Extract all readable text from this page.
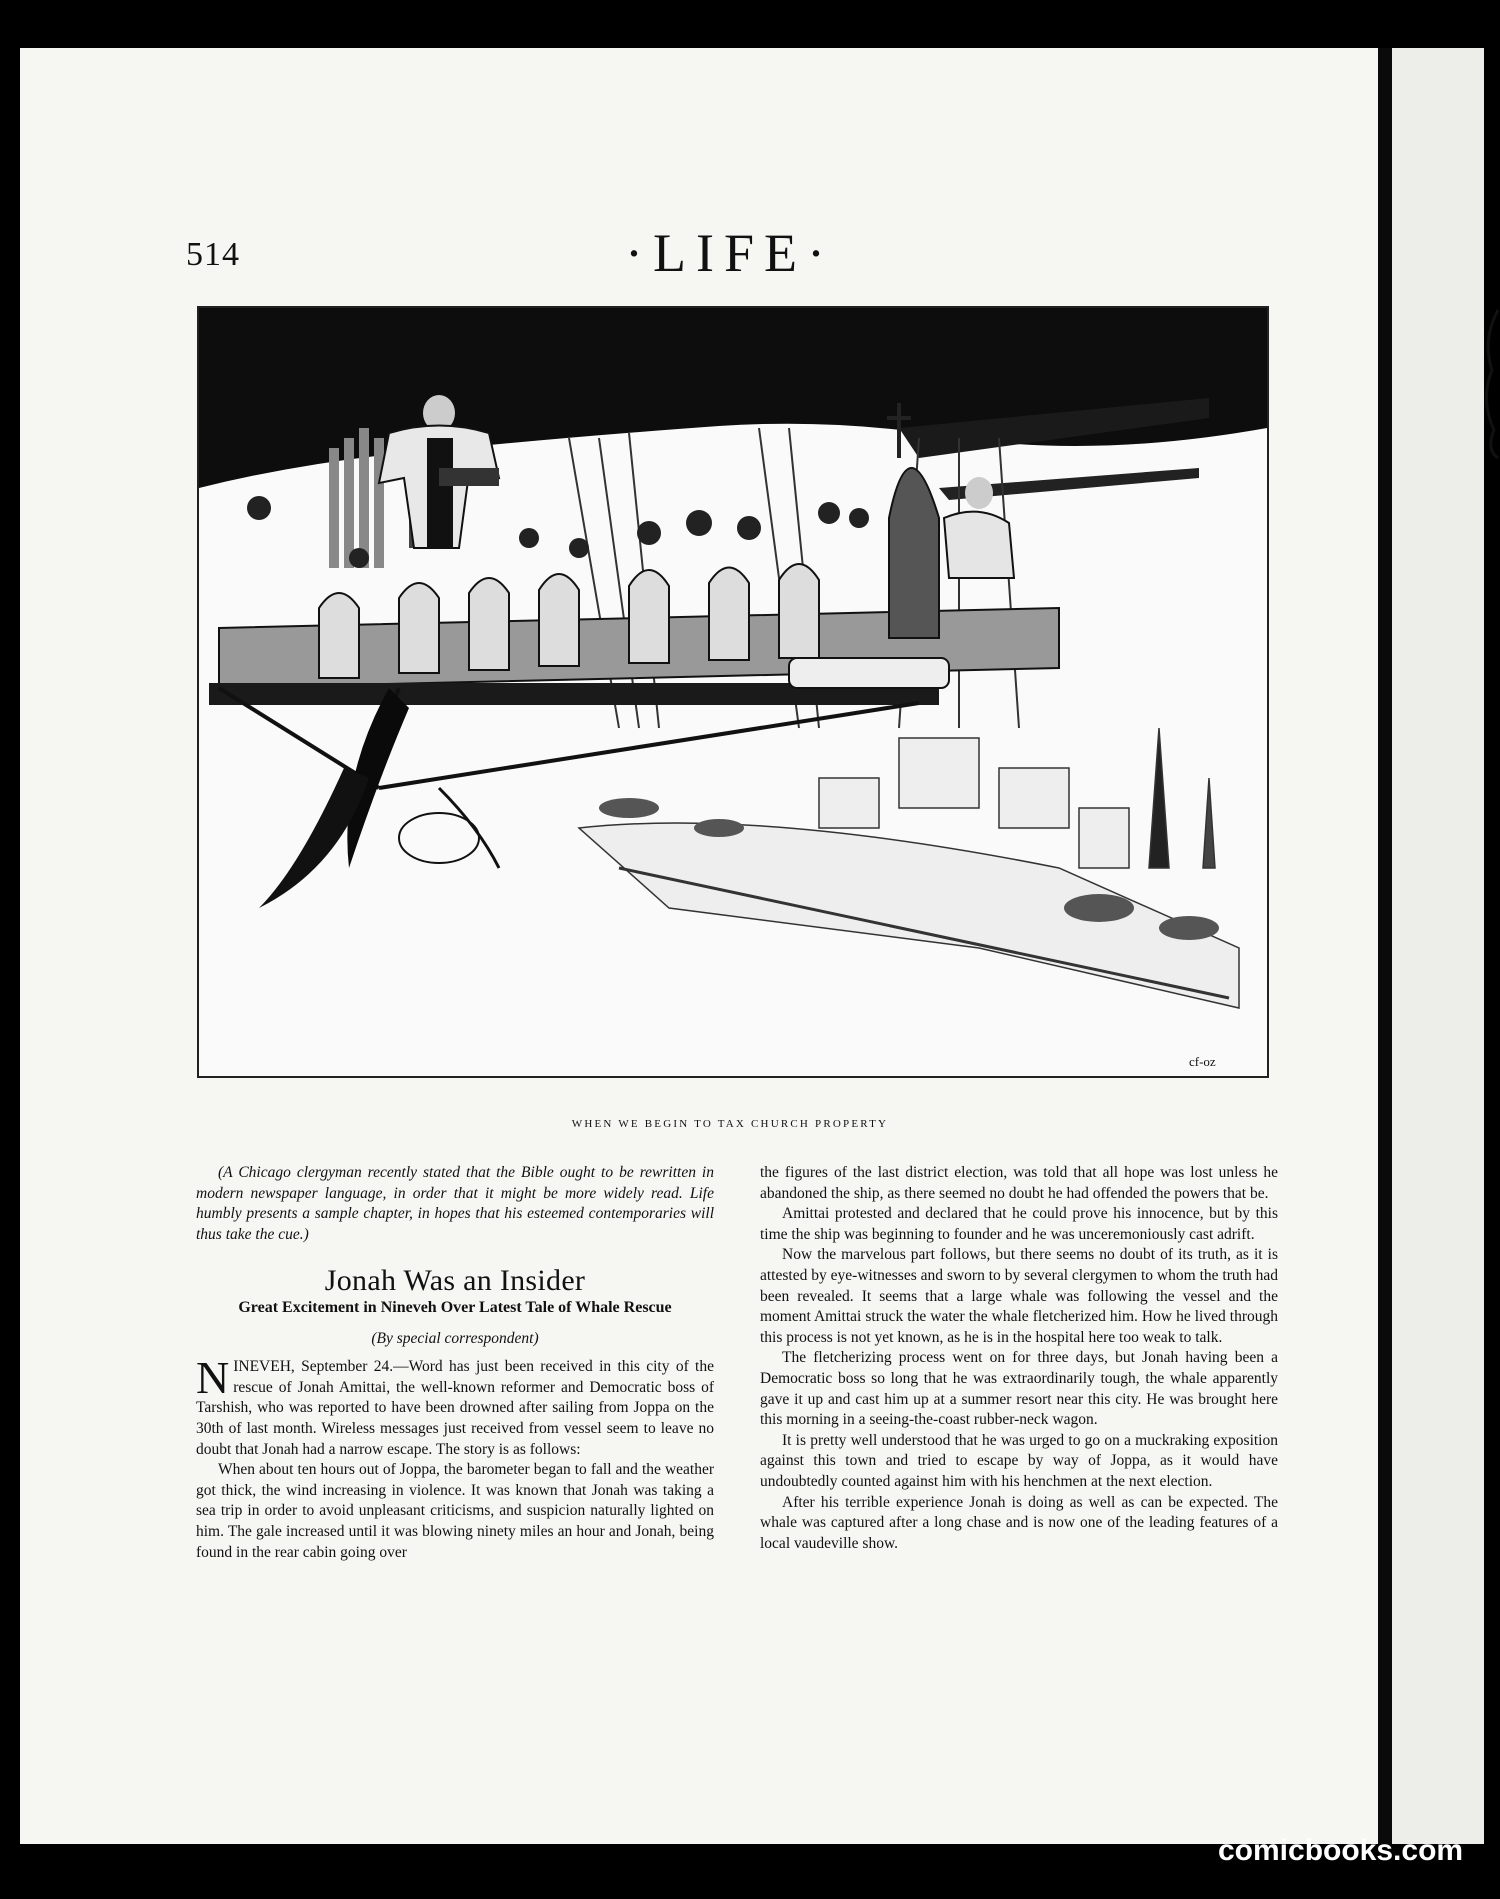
514	·LIFE·
cf-oz
WHEN WE BEGIN TO TAX CHURCH PROPERTY

(A Chicago clergyman recently stated that the Bible ought to be rewritten in modern newspaper language, in order that it might be more widely read. Life humbly presents a sample chapter, in hopes that his esteemed contemporaries will thus take the cue.)

Jonah Was an Insider
Great Excitement in Nineveh Over Latest Tale of Whale Rescue
(By special correspondent)

NINEVEH, September 24.—Word has just been received in this city of the rescue of Jonah Amittai, the well-known reformer and Democratic boss of Tarshish, who was reported to have been drowned after sailing from Joppa on the 30th of last month. Wireless messages just received from vessel seem to leave no doubt that Jonah had a narrow escape. The story is as follows:

When about ten hours out of Joppa, the barometer began to fall and the weather got thick, the wind increasing in violence. It was known that Jonah was taking a sea trip in order to avoid unpleasant criticisms, and suspicion naturally lighted on him. The gale increased until it was blowing ninety miles an hour and Jonah, being found in the rear cabin going over

the figures of the last district election, was told that all hope was lost unless he abandoned the ship, as there seemed no doubt he had offended the powers that be.

Amittai protested and declared that he could prove his innocence, but by this time the ship was beginning to founder and he was unceremoniously cast adrift.

Now the marvelous part follows, but there seems no doubt of its truth, as it is attested by eye-witnesses and sworn to by several clergymen to whom the truth had been revealed. It seems that a large whale was following the vessel and the moment Amittai struck the water the whale fletcherized him. How he lived through this process is not yet known, as he is in the hospital here too weak to talk.

The fletcherizing process went on for three days, but Jonah having been a Democratic boss so long that he was extraordinarily tough, the whale apparently gave it up and cast him up at a summer resort near this city. He was brought here this morning in a seeing-the-coast rubber-neck wagon.

It is pretty well understood that he was urged to go on a muckraking exposition against this town and tried to escape by way of Joppa, as it would have undoubtedly counted against him with his henchmen at the next election.

After his terrible experience Jonah is doing as well as can be expected. The whale was captured after a long chase and is now one of the leading features of a local vaudeville show.

comicbooks.com
